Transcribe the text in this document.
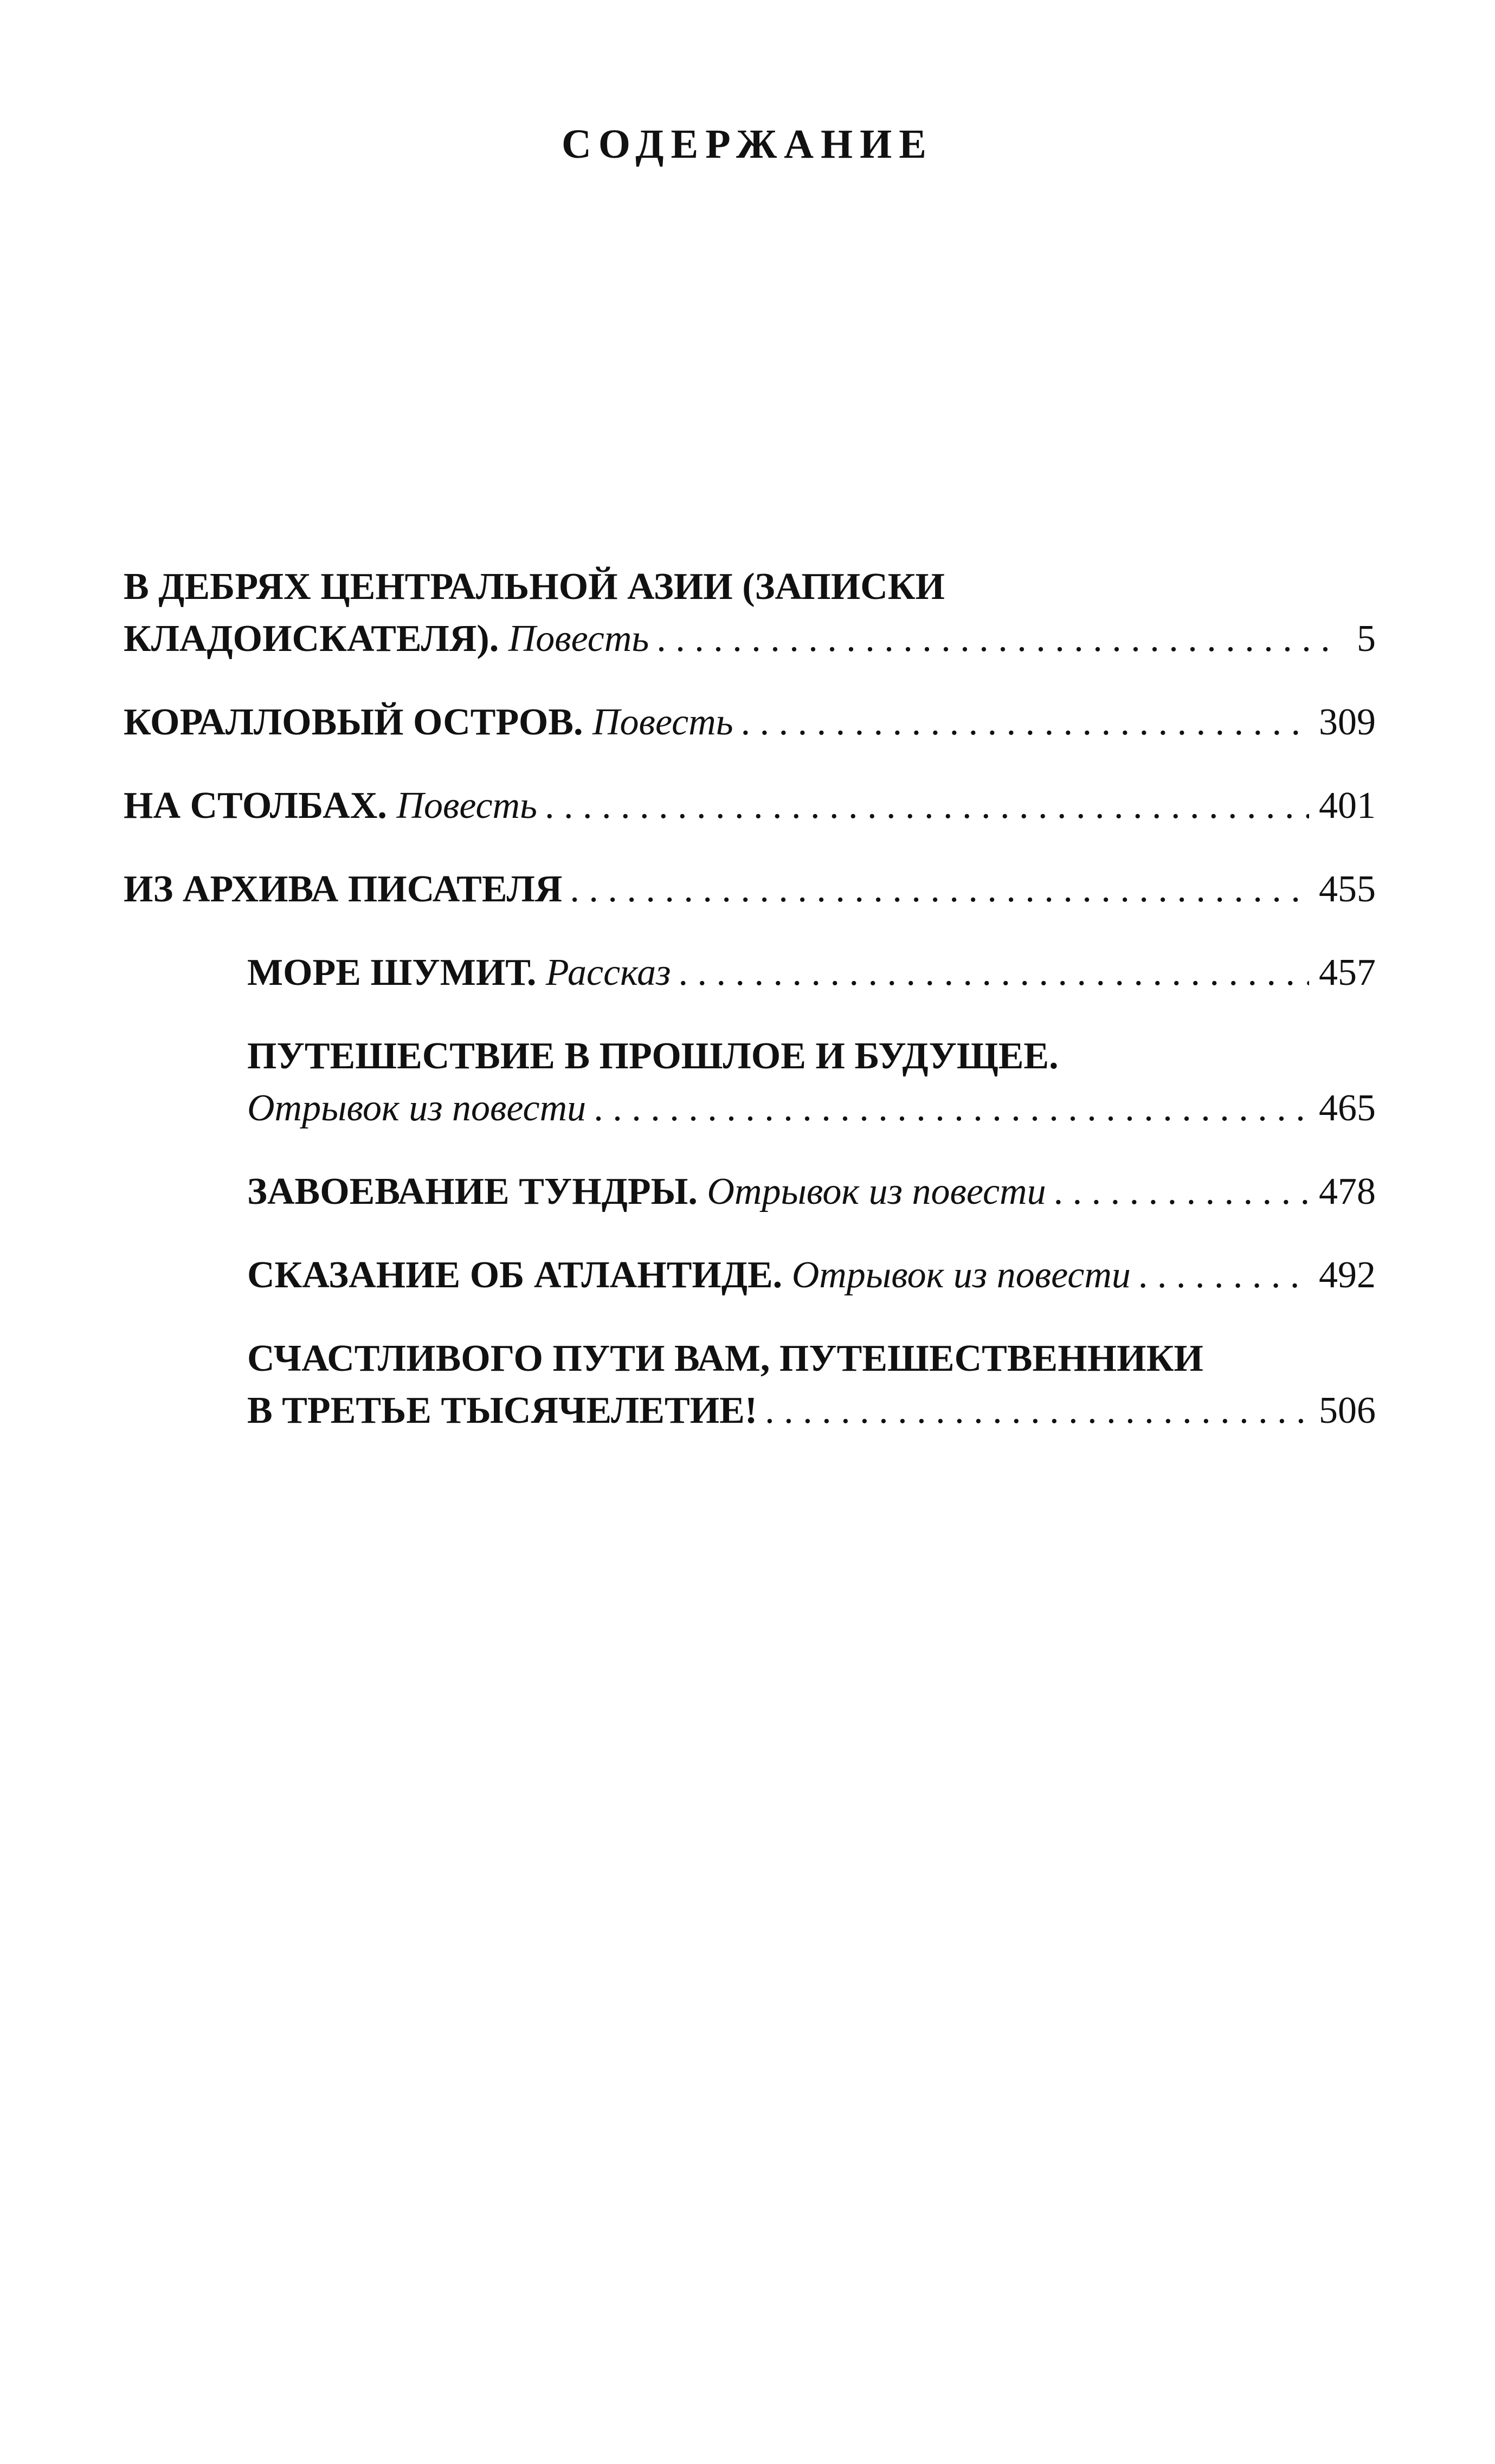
СОДЕРЖАНИЕ
В ДЕБРЯХ ЦЕНТРАЛЬНОЙ АЗИИ (ЗАПИСКИ
КЛАДОИСКАТЕЛЯ).
Повесть . . .	5
КОРАЛЛОВЫЙ ОСТРОВ.
Повесть . . .	309
НА СТОЛБАХ.
Повесть . . .	401
ИЗ АРХИВА ПИСАТЕЛЯ . . .	455
МОРЕ ШУМИТ.
Рассказ . . .	457
ПУТЕШЕСТВИЕ В ПРОШЛОЕ И БУДУЩЕЕ.
Отрывок из повести . . .	465
ЗАВОЕВАНИЕ ТУНДРЫ.
Отрывок из повести . . .	478
СКАЗАНИЕ ОБ АТЛАНТИДЕ.
Отрывок из повести . . .	492
СЧАСТЛИВОГО ПУТИ ВАМ, ПУТЕШЕСТВЕННИКИ
В ТРЕТЬЕ ТЫСЯЧЕЛЕТИЕ! . . .	506
